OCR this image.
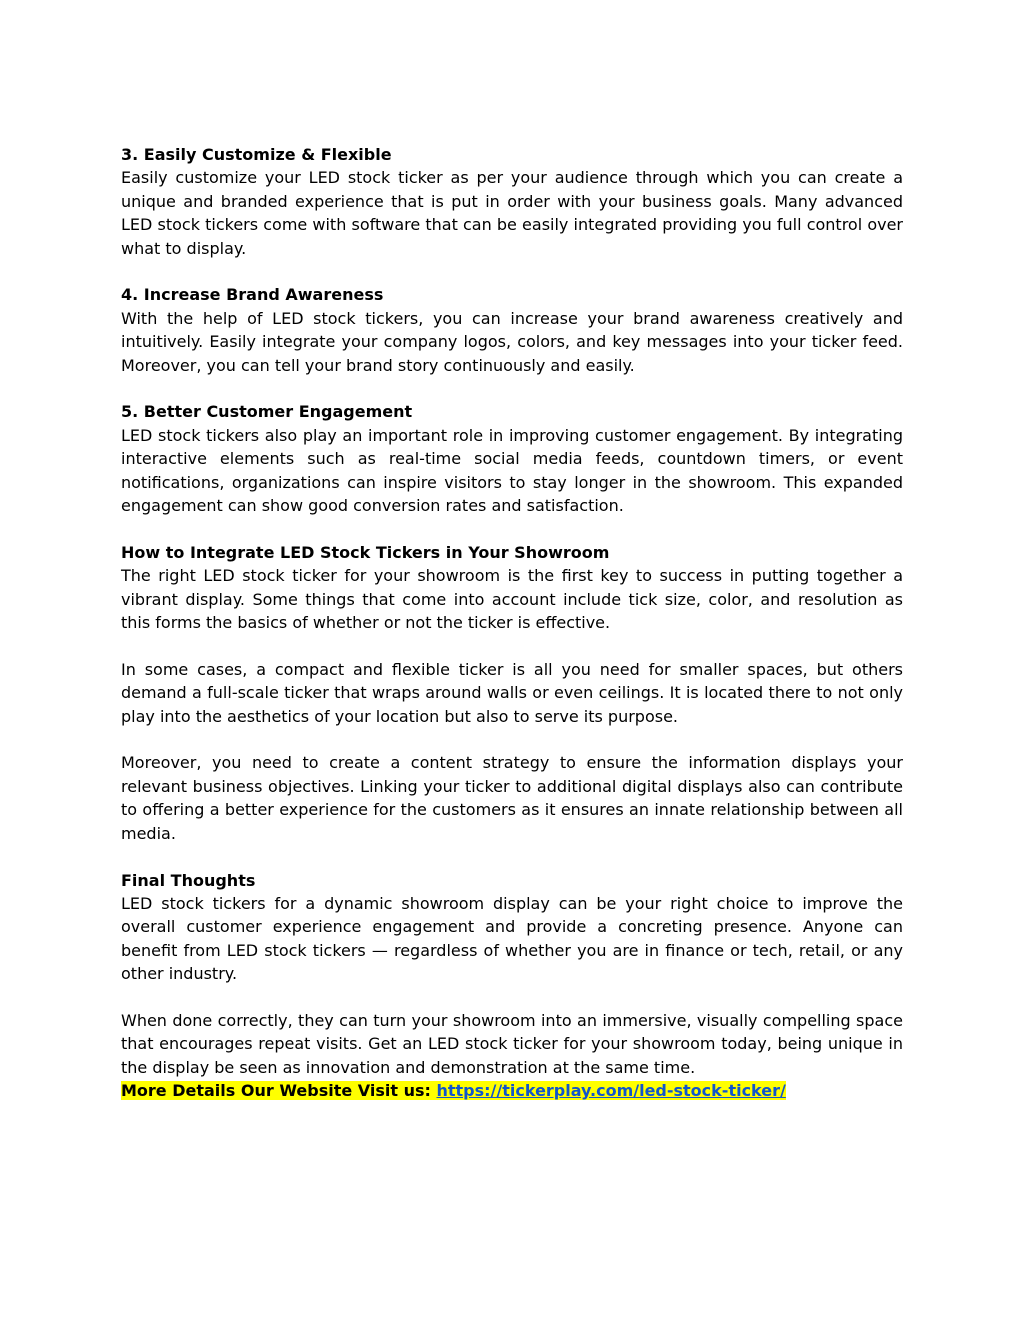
3. Easily Customize & Flexible

Easily customize your LED stock ticker as per your audience through which you can create a unique and branded experience that is put in order with your business goals. Many advanced LED stock tickers come with software that can be easily integrated providing you full control over what to display.

4. Increase Brand Awareness

With the help of LED stock tickers, you can increase your brand awareness creatively and intuitively. Easily integrate your company logos, colors, and key messages into your ticker feed. Moreover, you can tell your brand story continuously and easily.

5. Better Customer Engagement

LED stock tickers also play an important role in improving customer engagement. By integrating interactive elements such as real-time social media feeds, countdown timers, or event notifications, organizations can inspire visitors to stay longer in the showroom. This expanded engagement can show good conversion rates and satisfaction.

How to Integrate LED Stock Tickers in Your Showroom

The right LED stock ticker for your showroom is the first key to success in putting together a vibrant display. Some things that come into account include tick size, color, and resolution as this forms the basics of whether or not the ticker is effective.

In some cases, a compact and flexible ticker is all you need for smaller spaces, but others demand a full-scale ticker that wraps around walls or even ceilings. It is located there to not only play into the aesthetics of your location but also to serve its purpose.

Moreover, you need to create a content strategy to ensure the information displays your relevant business objectives. Linking your ticker to additional digital displays also can contribute to offering a better experience for the customers as it ensures an innate relationship between all media.

Final Thoughts

LED stock tickers for a dynamic showroom display can be your right choice to improve the overall customer experience engagement and provide a concreting presence. Anyone can benefit from LED stock tickers — regardless of whether you are in finance or tech, retail, or any other industry.

When done correctly, they can turn your showroom into an immersive, visually compelling space that encourages repeat visits. Get an LED stock ticker for your showroom today, being unique in the display be seen as innovation and demonstration at the same time.

More Details Our Website Visit us: https://tickerplay.com/led-stock-ticker/
